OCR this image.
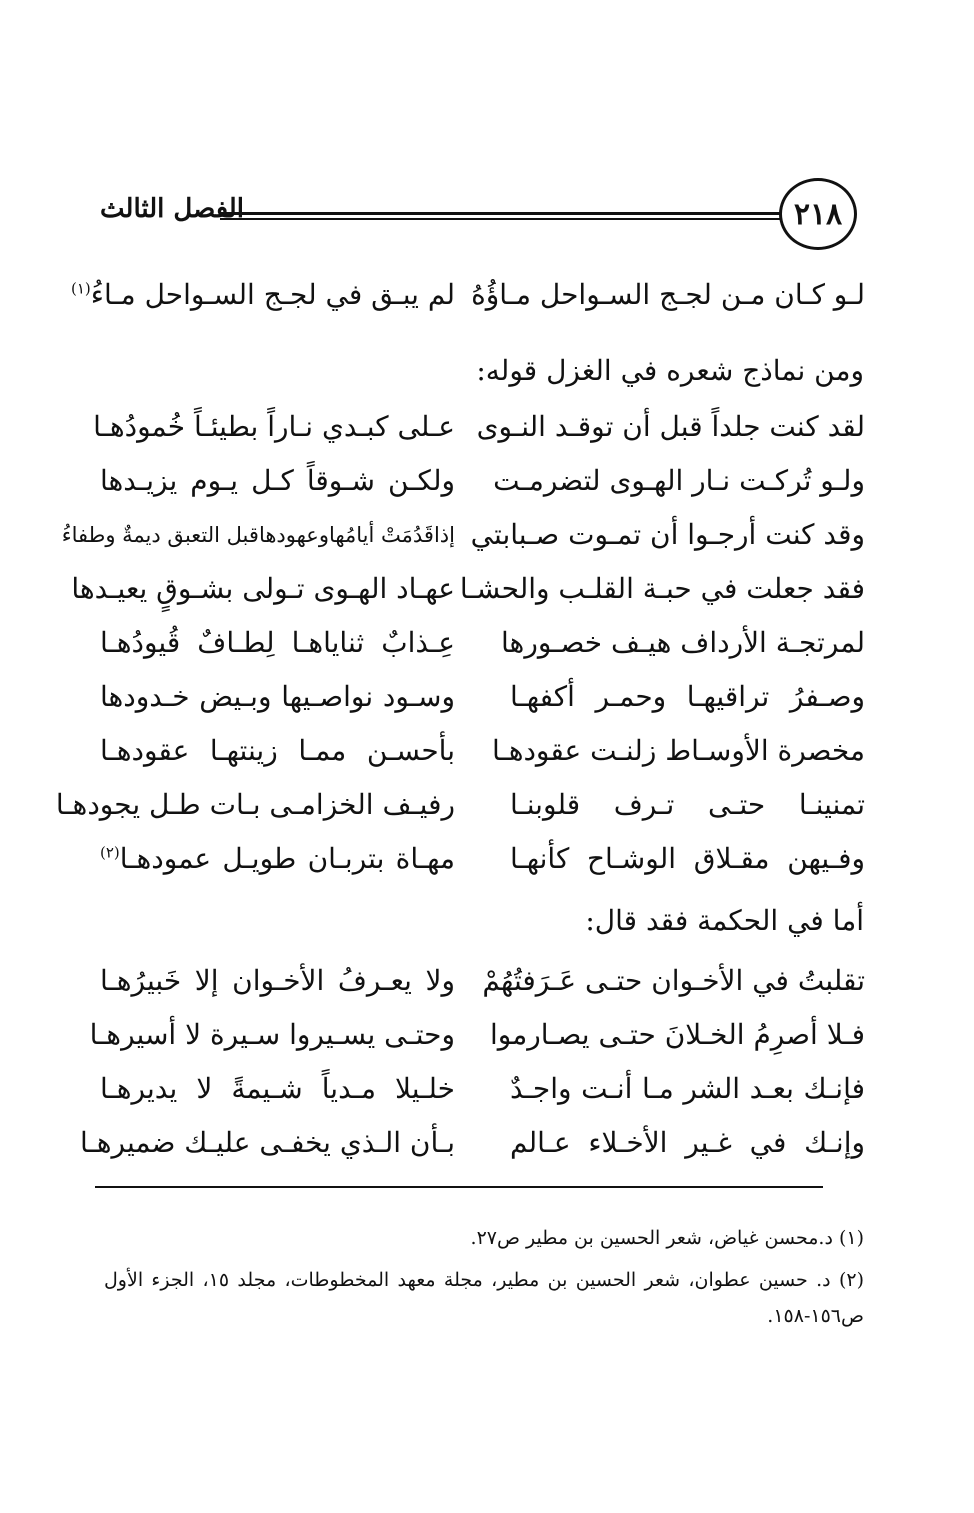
٢١٨
الفصل الثالث
لـو كـان مـن لجـج السـواحل مـاؤُهُ
لم يبـق في لجـج السـواحل مـاءُ$^{(١)}$
ومن نماذج شعره في الغزل قوله:
لقد كنت جلداً قبل أن توقـد النـوى
عـلى كبـدي نـاراً بطيئـاً خُمودُهـا
ولـو تُركـت نـار الهـوى لتضرمـت
ولكـن شـوقاً كـل يـوم يزيـدها
وقد كنت أرجـوا أن تمـوت صـبابتي
إذاقَدُمَتْ أيامُهاوعهودهاقبل التعبق ديمةٌ وطفاءُ
فقد جعلت في حبـة القلـب والحشـا
عهـاد الهـوى تـولى بشـوقٍ يعيـدها
لمرتجـة الأرداف هيـف خصـورها
عِـذابٌ ثناياهـا لِطـافٌ قُيودُهـا
وصـفرُ تراقيهـا وحمـر أكفهـا
وسـود نواصـيها وبـيض خـدودها
مخصرة الأوسـاط زلنـت عقودهـا
بأحسـن ممـا زينتهـا عقودهـا
تمنينـا حتـى تـرف قلوبنـا
رفيـف الخزامـى بـات طـل يجودهـا
وفـيهن مقـلاق الوشـاح كأنهـا
مهـاة بتربـان طويـل عمودهـا$^{(٢)}$
أما في الحكمة فقد قال:
تقلبتُ في الأخـوان حتـى عَـرَفتُهُمْ
ولا يعـرفُ الأخـوان إلا خَبيرُهـا
فـلا أصرِمُ الخـلانَ حتـى يصـارموا
وحتـى يسـيروا سـيرة لا أسيرهـا
فإنـك بعـد الشر مـا أنـت واجـدٌ
خلـيلا مـدياً شـيمةً لا يديرهـا
وإنـك في غـير الأخـلاء عـالم
بـأن الـذي يخفـى عليـك ضميرهـا
(١) د.محسن غياض، شعر الحسين بن مطير ص٢٧.
(٢) د. حسين عطوان، شعر الحسين بن مطير، مجلة معهد المخطوطات، مجلد ١٥، الجزء الأول ص١٥٦-١٥٨.
